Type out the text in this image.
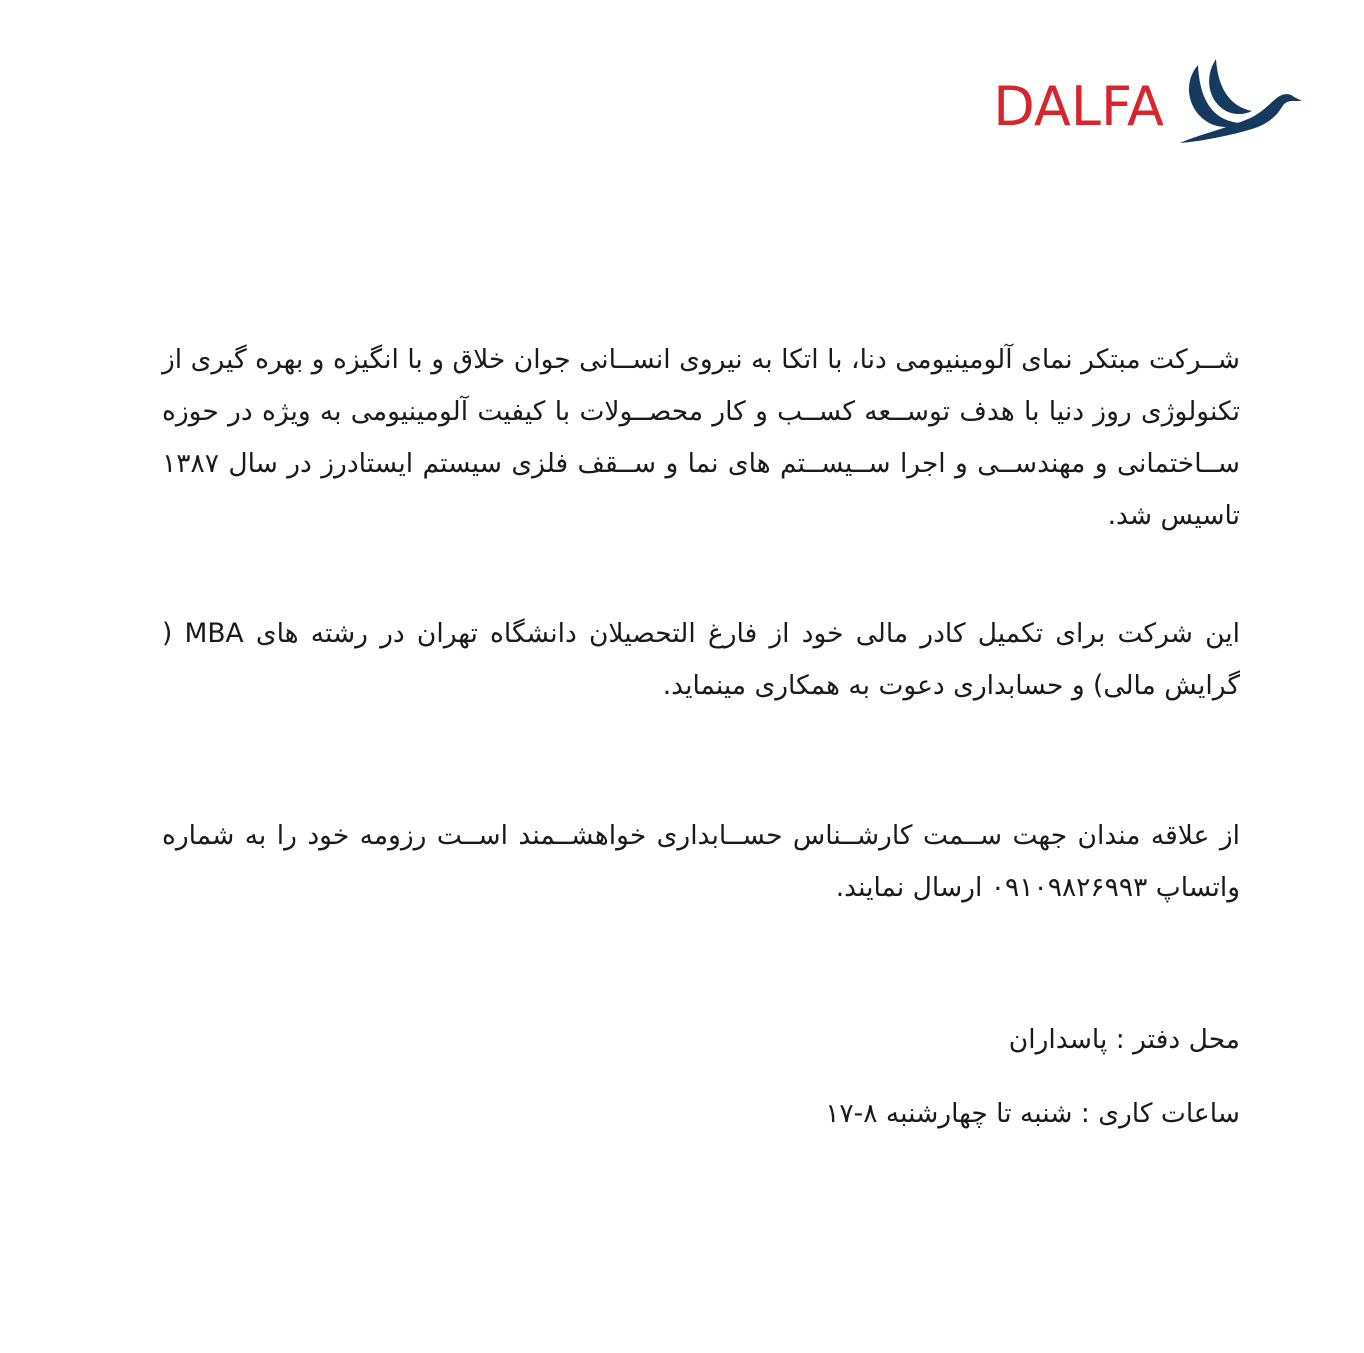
DALFA

شــرکت مبتکر نمای آلومینیومی دنا، با اتکا به نیروی انســانی جوان خلاق و با انگیزه و بهره گیری از تکنولوژی روز دنیا با هدف توســعه کســب و کار محصــولات با کیفیت آلومینیومی به ویژه در حوزه ســاختمانی و مهندســی و اجرا ســیســتم های نما و ســقف فلزی سیستم ایستادرز در سال ۱۳۸۷ تاسیس شد.

این شرکت برای تکمیل کادر مالی خود از فارغ التحصیلان دانشگاه تهران در رشته های MBA ( گرایش مالی) و حسابداری دعوت به همکاری مینماید.

از علاقه مندان جهت ســمت کارشــناس حســابداری خواهشــمند اســت رزومه خود را به شماره واتساپ ۰۹۱۰۹۸۲۶۹۹۳ ارسال نمایند.

محل دفتر : پاسداران

ساعات کاری : شنبه تا چهارشنبه ۸-۱۷
